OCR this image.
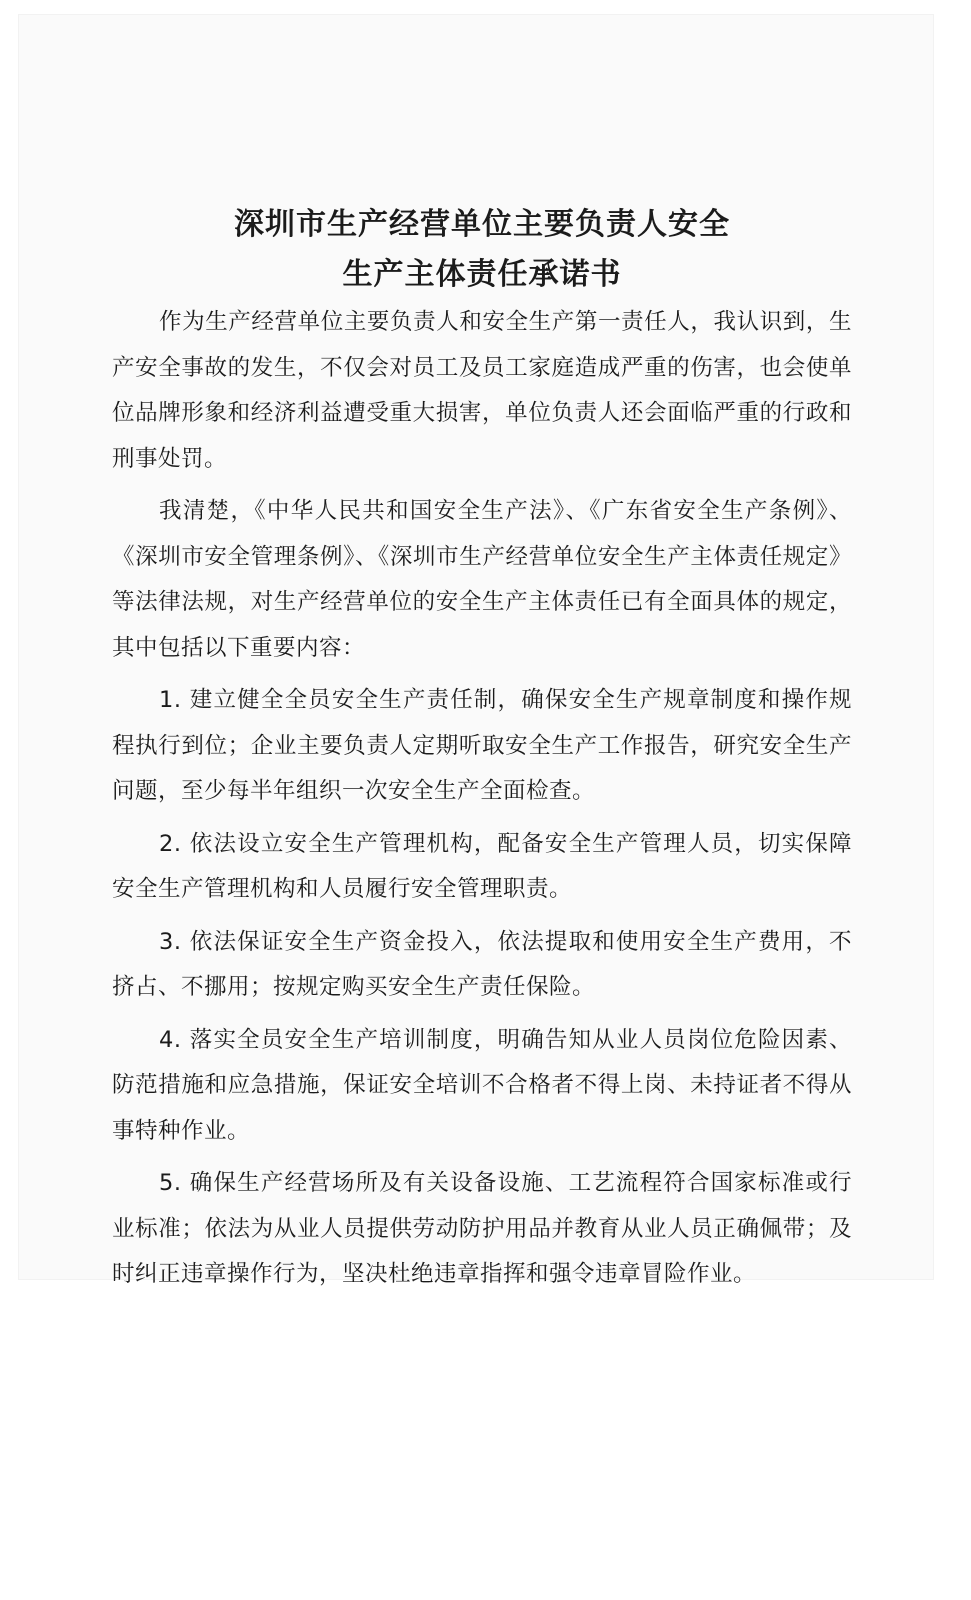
深圳市生产经营单位主要负责人安全
生产主体责任承诺书

作为生产经营单位主要负责人和安全生产第一责任人，我认识到，生产安全事故的发生，不仅会对员工及员工家庭造成严重的伤害，也会使单位品牌形象和经济利益遭受重大损害，单位负责人还会面临严重的行政和刑事处罚。

我清楚，《中华人民共和国安全生产法》、《广东省安全生产条例》、《深圳市安全管理条例》、《深圳市生产经营单位安全生产主体责任规定》等法律法规，对生产经营单位的安全生产主体责任已有全面具体的规定，其中包括以下重要内容：

1. 建立健全全员安全生产责任制，确保安全生产规章制度和操作规程执行到位；企业主要负责人定期听取安全生产工作报告，研究安全生产问题，至少每半年组织一次安全生产全面检查。

2. 依法设立安全生产管理机构，配备安全生产管理人员，切实保障安全生产管理机构和人员履行安全管理职责。

3. 依法保证安全生产资金投入，依法提取和使用安全生产费用，不挤占、不挪用；按规定购买安全生产责任保险。

4. 落实全员安全生产培训制度，明确告知从业人员岗位危险因素、防范措施和应急措施，保证安全培训不合格者不得上岗、未持证者不得从事特种作业。

5. 确保生产经营场所及有关设备设施、工艺流程符合国家标准或行业标准；依法为从业人员提供劳动防护用品并教育从业人员正确佩带；及时纠正违章操作行为，坚决杜绝违章指挥和强令违章冒险作业。
